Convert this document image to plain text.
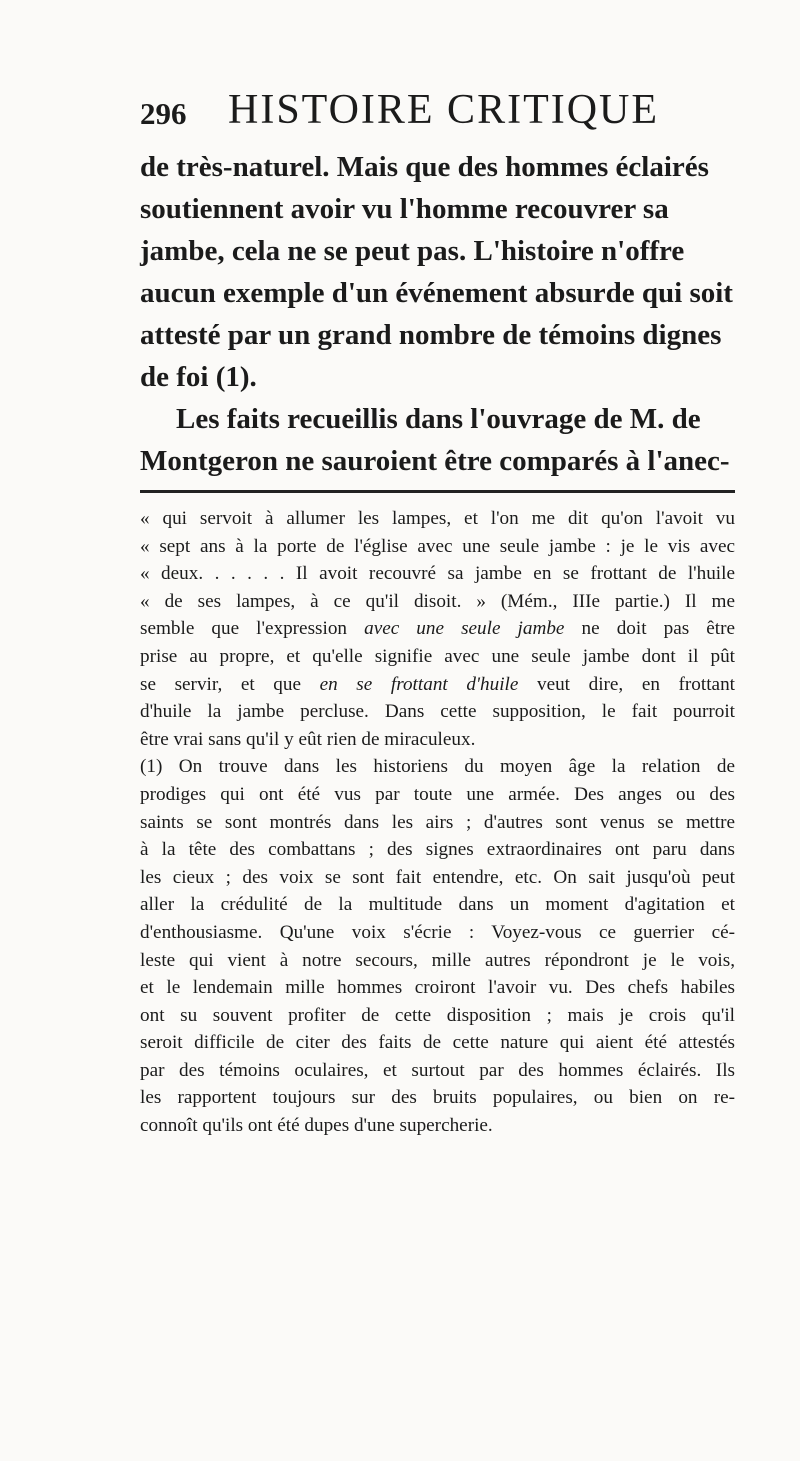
296 HISTOIRE CRITIQUE
de très-naturel. Mais que des hommes éclairés
soutiennent avoir vu l'homme recouvrer sa
jambe, cela ne se peut pas. L'histoire n'offre
aucun exemple d'un événement absurde qui soit
attesté par un grand nombre de témoins dignes
de foi (1).
Les faits recueillis dans l'ouvrage de M. de
Montgeron ne sauroient être comparés à l'anec-
« qui servoit à allumer les lampes, et l'on me dit qu'on l'avoit vu
« sept ans à la porte de l'église avec une seule jambe : je le vis avec
« deux. . . . . . Il avoit recouvré sa jambe en se frottant de l'huile
« de ses lampes, à ce qu'il disoit. » (Mém., IIIe partie.) Il me
semble que l'expression avec une seule jambe ne doit pas être
prise au propre, et qu'elle signifie avec une seule jambe dont il pût
se servir, et que en se frottant d'huile veut dire, en frottant
d'huile la jambe percluse. Dans cette supposition, le fait pourroit
être vrai sans qu'il y eût rien de miraculeux.
(1) On trouve dans les historiens du moyen âge la relation de
prodiges qui ont été vus par toute une armée. Des anges ou des
saints se sont montrés dans les airs ; d'autres sont venus se mettre
à la tête des combattans ; des signes extraordinaires ont paru dans
les cieux ; des voix se sont fait entendre, etc. On sait jusqu'où peut
aller la crédulité de la multitude dans un moment d'agitation et
d'enthousiasme. Qu'une voix s'écrie : Voyez-vous ce guerrier cé-
leste qui vient à notre secours, mille autres répondront je le vois,
et le lendemain mille hommes croiront l'avoir vu. Des chefs habiles
ont su souvent profiter de cette disposition ; mais je crois qu'il
seroit difficile de citer des faits de cette nature qui aient été attestés
par des témoins oculaires, et surtout par des hommes éclairés. Ils
les rapportent toujours sur des bruits populaires, ou bien on re-
connoît qu'ils ont été dupes d'une supercherie.
